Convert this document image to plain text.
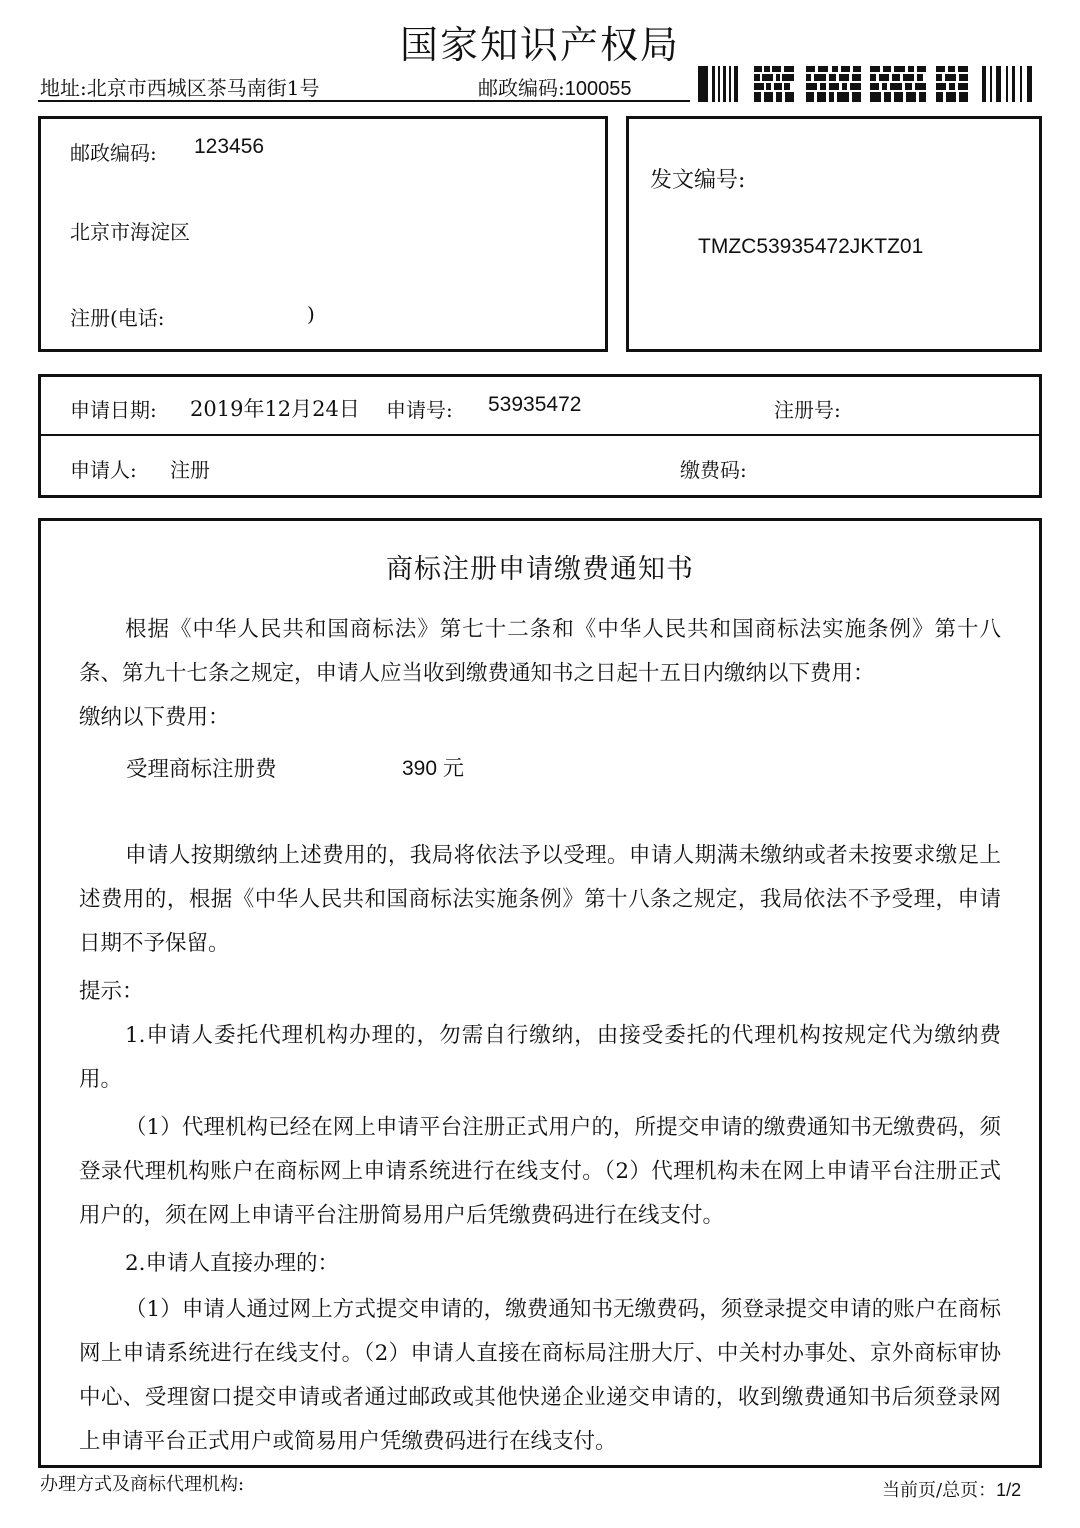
国家知识产权局
地址:北京市西城区茶马南街1号	邮政编码:100055
邮政编码: 123456
北京市海淀区
注册(电话:	)
发文编号:
TMZC53935472JKTZ01
申请日期: 2019年12月24日 申请号: 53935472	注册号:
申请人: 注册	缴费码:
商标注册申请缴费通知书

根据《中华人民共和国商标法》第七十二条和《中华人民共和国商标法实施条例》第十八条、第九十七条之规定，申请人应当收到缴费通知书之日起十五日内缴纳以下费用：

缴纳以下费用：

受理商标注册费	390 元

申请人按期缴纳上述费用的，我局将依法予以受理。申请人期满未缴纳或者未按要求缴足上述费用的，根据《中华人民共和国商标法实施条例》第十八条之规定，我局依法不予受理，申请日期不予保留。

提示：

1.申请人委托代理机构办理的，勿需自行缴纳，由接受委托的代理机构按规定代为缴纳费用。

（1）代理机构已经在网上申请平台注册正式用户的，所提交申请的缴费通知书无缴费码，须登录代理机构账户在商标网上申请系统进行在线支付。（2）代理机构未在网上申请平台注册正式用户的，须在网上申请平台注册简易用户后凭缴费码进行在线支付。

2.申请人直接办理的：

（1）申请人通过网上方式提交申请的，缴费通知书无缴费码，须登录提交申请的账户在商标网上申请系统进行在线支付。（2）申请人直接在商标局注册大厅、中关村办事处、京外商标审协中心、受理窗口提交申请或者通过邮政或其他快递企业递交申请的，收到缴费通知书后须登录网上申请平台正式用户或简易用户凭缴费码进行在线支付。

办理方式及商标代理机构:	当前页/总页：1/2
